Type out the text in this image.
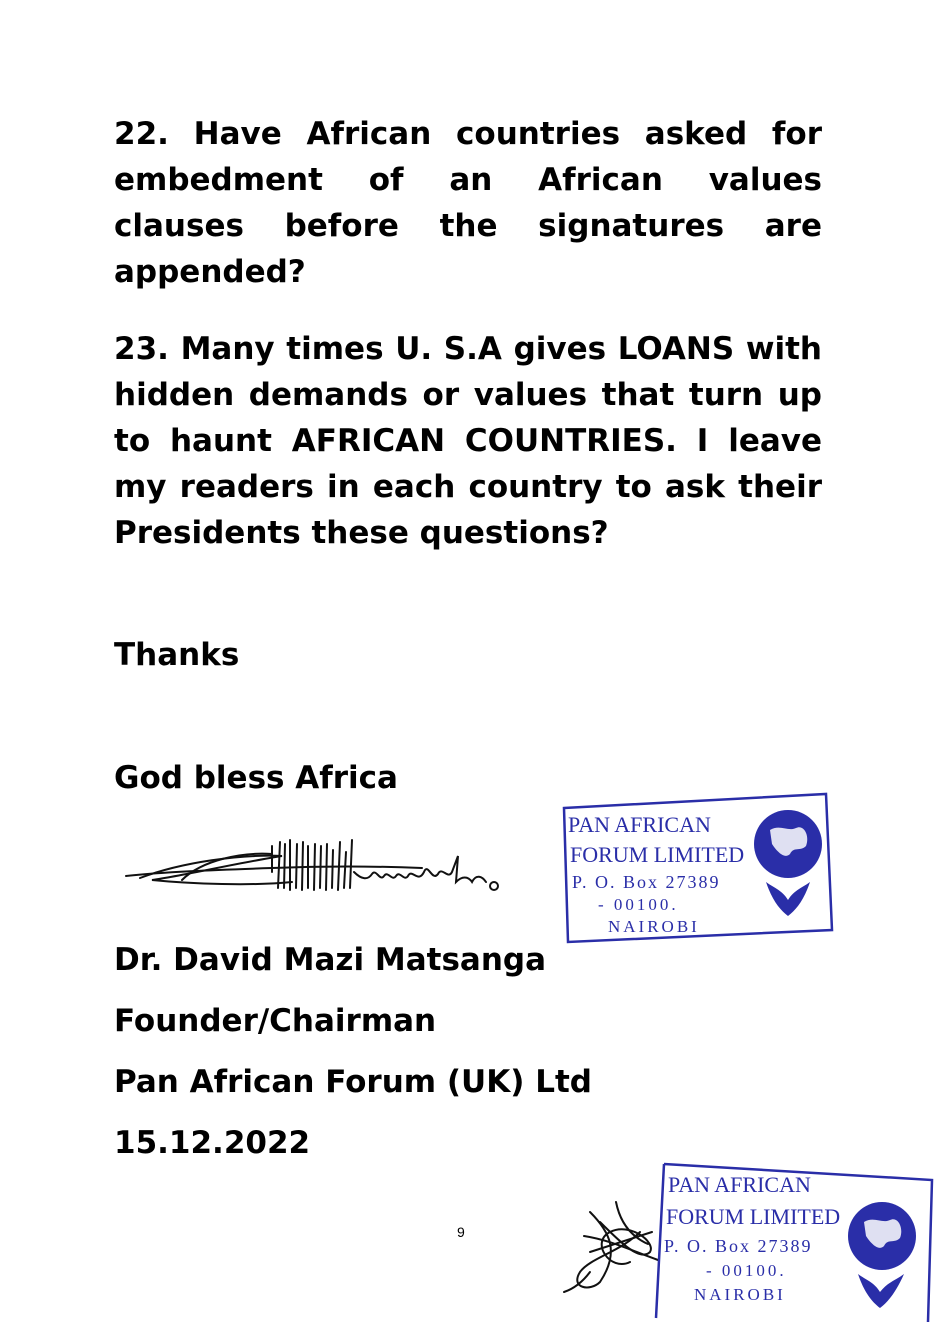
22. Have African countries asked for embedment of an African values clauses before the signatures are appended?

23. Many times U. S.A gives LOANS with hidden demands or values that turn up to haunt AFRICAN COUNTRIES. I leave my readers in each country to ask their Presidents these questions?

Thanks

God bless Africa

PAN AFRICAN
FORUM LIMITED
P. O. Box 27389
- 00100.
NAIROBI

Dr. David Mazi Matsanga

Founder/Chairman

Pan African Forum (UK) Ltd

15.12.2022

9
PAN AFRICAN
FORUM LIMITED
P. O. Box 27389
- 00100.
NAIROBI
